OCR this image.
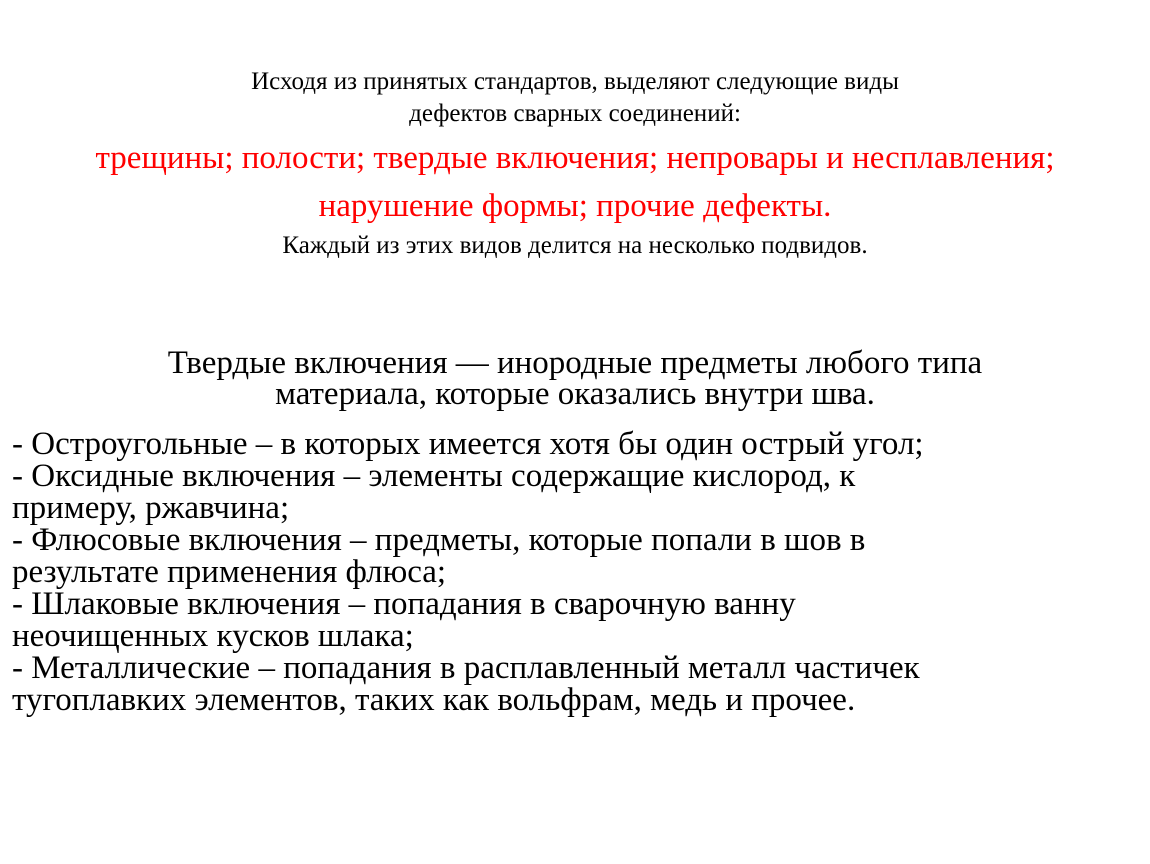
Исходя из принятых стандартов, выделяют следующие виды
дефектов сварных соединений:
трещины; полости; твердые включения; непровары и несплавления;
нарушение формы; прочие дефекты.
Каждый из этих видов делится на несколько подвидов.
Твердые включения — инородные предметы любого типа
материала, которые оказались внутри шва.
- Остроугольные – в которых имеется хотя бы один острый угол;
- Оксидные включения – элементы содержащие кислород, к
примеру, ржавчина;
- Флюсовые включения – предметы, которые попали в шов в
результате применения флюса;
- Шлаковые включения – попадания в сварочную ванну
неочищенных кусков шлака;
- Металлические – попадания в расплавленный металл частичек
тугоплавких элементов, таких как вольфрам, медь и прочее.
